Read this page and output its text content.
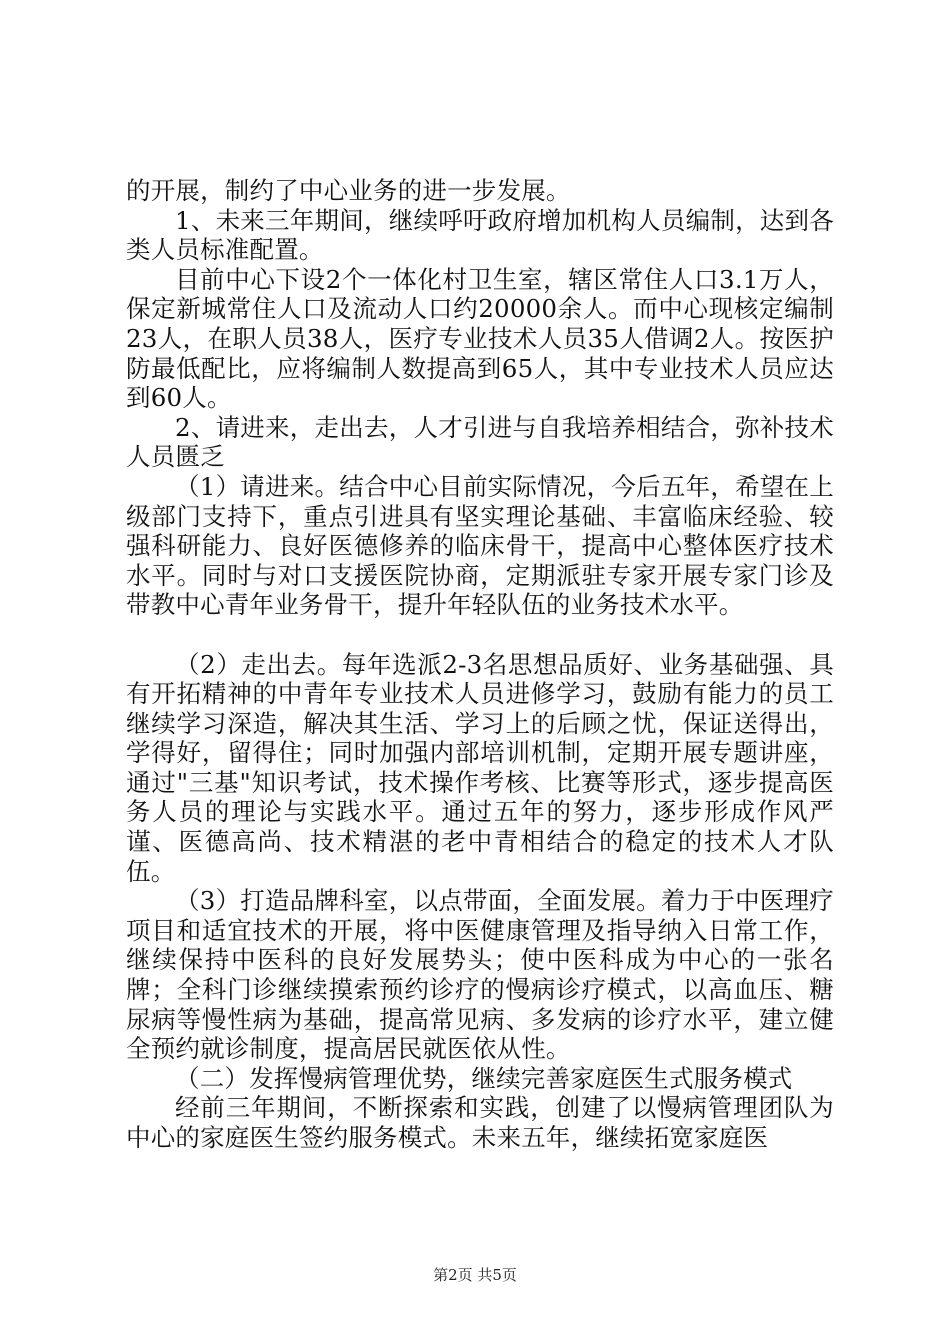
的开展，制约了中心业务的进一步发展。

1、未来三年期间，继续呼吁政府增加机构人员编制，达到各类人员标准配置。

目前中心下设2个一体化村卫生室，辖区常住人口3.1万人，保定新城常住人口及流动人口约20000余人。而中心现核定编制23人，在职人员38人，医疗专业技术人员35人借调2人。按医护防最低配比，应将编制人数提高到65人，其中专业技术人员应达到60人。

2、请进来，走出去，人才引进与自我培养相结合，弥补技术人员匮乏

（1）请进来。结合中心目前实际情况，今后五年，希望在上级部门支持下，重点引进具有坚实理论基础、丰富临床经验、较强科研能力、良好医德修养的临床骨干，提高中心整体医疗技术水平。同时与对口支援医院协商，定期派驻专家开展专家门诊及带教中心青年业务骨干，提升年轻队伍的业务技术水平。

（2）走出去。每年选派2-3名思想品质好、业务基础强、具有开拓精神的中青年专业技术人员进修学习，鼓励有能力的员工继续学习深造，解决其生活、学习上的后顾之忧，保证送得出，学得好，留得住；同时加强内部培训机制，定期开展专题讲座，通过"三基"知识考试，技术操作考核、比赛等形式，逐步提高医务人员的理论与实践水平。通过五年的努力，逐步形成作风严谨、医德高尚、技术精湛的老中青相结合的稳定的技术人才队伍。

（3）打造品牌科室，以点带面，全面发展。着力于中医理疗项目和适宜技术的开展，将中医健康管理及指导纳入日常工作，继续保持中医科的良好发展势头；使中医科成为中心的一张名牌；全科门诊继续摸索预约诊疗的慢病诊疗模式，以高血压、糖尿病等慢性病为基础，提高常见病、多发病的诊疗水平，建立健全预约就诊制度，提高居民就医依从性。

（二）发挥慢病管理优势，继续完善家庭医生式服务模式

经前三年期间，不断探索和实践，创建了以慢病管理团队为中心的家庭医生签约服务模式。未来五年，继续拓宽家庭医

第2页 共5页
